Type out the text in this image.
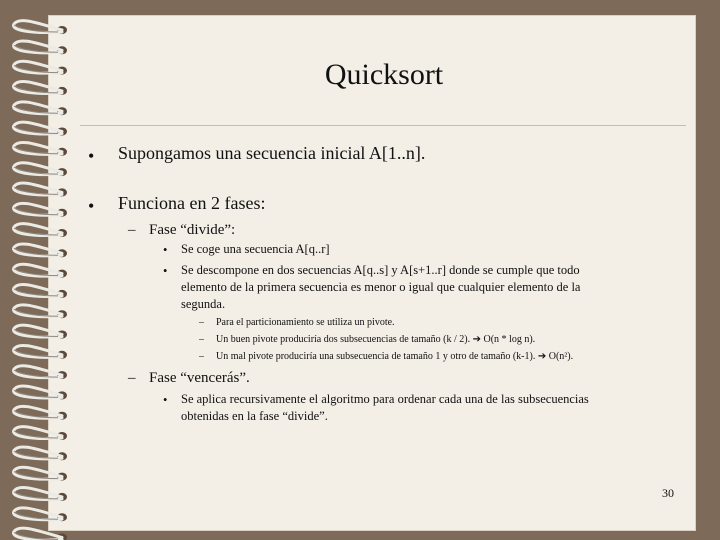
Quicksort
• Supongamos una secuencia inicial A[1..n].
• Funciona en 2 fases:
– Fase “divide”:
• Se coge una secuencia A[q..r]
• Se descompone en dos secuencias A[q..s] y A[s+1..r] donde se cumple que todo
elemento de la primera secuencia es menor o igual que cualquier elemento de la
segunda.
– Para el particionamiento se utiliza un pivote.
– Un buen pivote produciría dos subsecuencias de tamaño (k / 2). ➔ O(n * log n).
– Un mal pivote produciría una subsecuencia de tamaño 1 y otro de tamaño (k-1). ➔ O(n²).
– Fase “vencerás”.
• Se aplica recursivamente el algoritmo para ordenar cada una de las subsecuencias
obtenidas en la fase “divide”.
30
